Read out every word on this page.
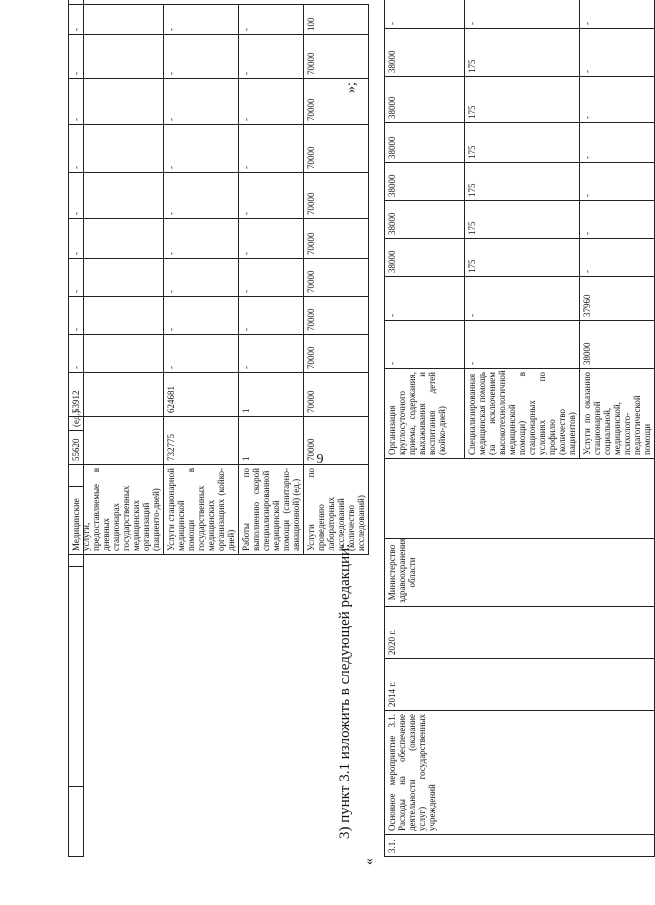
9
				(ед.)
Медицинские услуги, предоставляемые в дневных стационарах государственных медицинских организаций (пациенто-дней)	55620	53912	-	-	-	-	-	-	-	-	-
Услуги стационарной медицинской помощи в государственных медицинских организациях (койко-дней)	732775	624681	-	-	-	-	-	-	-	-	-
Работы по выполнению скорой специализированной медицинской помощи (санитарно-авиационной) (ед.)	1	1	-	-	-	-	-	-	-	-	-
Услуги по проведению лабораторных исследований (количество исследований)	70000	70000	70000	70000	70000	70000	70000	70000	70000	70000	100
3) пункт 3.1 изложить в следующей редакции:
«
3.1.	Основное мероприятие 3.1. Расходы на обеспечение деятельности (оказание услуг) государственных учреждений	2014 г.	2020 г.	Министерство здравоохранения области		Организация круглосуточного приема, содержания, выхаживания и воспитания детей (койко-дней)	-	-	38000	38000	38000	38000	38000	38000	-	
						Специализированная медицинская помощь (за исключением высокотехнологичной медицинской помощи) в стационарных условиях по профилю (количество пациентов)	-	-	175	175	175	175	175	175	-	
						Услуги по оказанию стационарной социальной, медицинской, психолого-педагогической помощи	38000	37960	-	-	-	-	-	-	-	
»;
